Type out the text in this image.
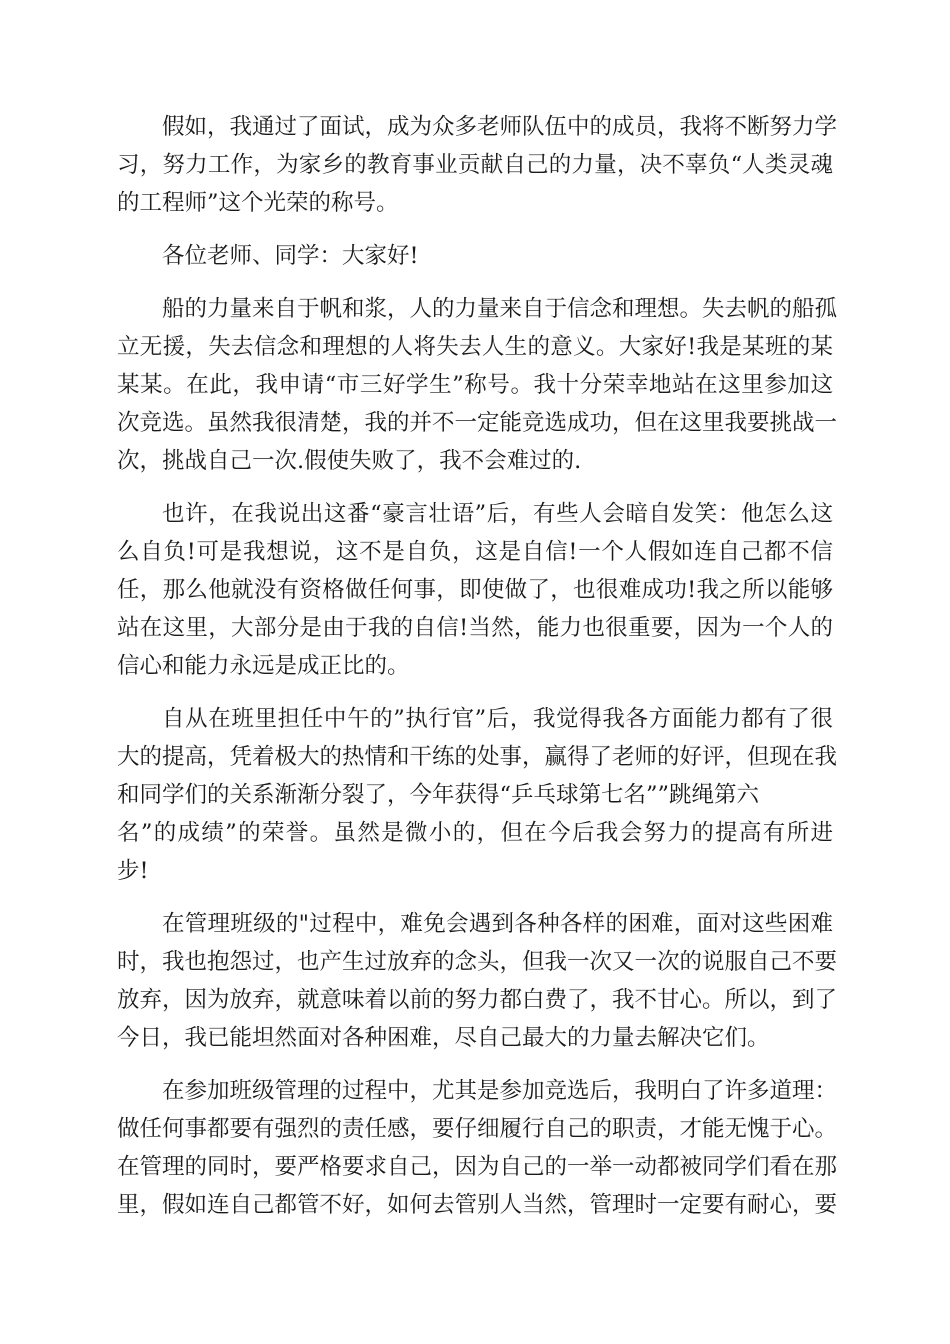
假如，我通过了面试，成为众多老师队伍中的成员，我将不断努力学
习，努力工作，为家乡的教育事业贡献自己的力量，决不辜负“人类灵魂
的工程师”这个光荣的称号。
各位老师、同学：大家好!
船的力量来自于帆和浆，人的力量来自于信念和理想。失去帆的船孤
立无援，失去信念和理想的人将失去人生的意义。大家好!我是某班的某
某某。在此，我申请“市三好学生”称号。我十分荣幸地站在这里参加这
次竞选。虽然我很清楚，我的并不一定能竞选成功，但在这里我要挑战一
次，挑战自己一次.假使失败了，我不会难过的.
也许，在我说出这番“豪言壮语”后，有些人会暗自发笑：他怎么这
么自负!可是我想说，这不是自负，这是自信!一个人假如连自己都不信
任，那么他就没有资格做任何事，即使做了，也很难成功!我之所以能够
站在这里，大部分是由于我的自信!当然，能力也很重要，因为一个人的
信心和能力永远是成正比的。
自从在班里担任中午的”执行官”后，我觉得我各方面能力都有了很
大的提高，凭着极大的热情和干练的处事，赢得了老师的好评，但现在我
和同学们的关系渐渐分裂了，今年获得“乒乓球第七名””跳绳第六
名”的成绩”的荣誉。虽然是微小的，但在今后我会努力的提高有所进
步!
在管理班级的"过程中，难免会遇到各种各样的困难，面对这些困难
时，我也抱怨过，也产生过放弃的念头，但我一次又一次的说服自己不要
放弃，因为放弃，就意味着以前的努力都白费了，我不甘心。所以，到了
今日，我已能坦然面对各种困难，尽自己最大的力量去解决它们。
在参加班级管理的过程中，尤其是参加竞选后，我明白了许多道理：
做任何事都要有强烈的责任感，要仔细履行自己的职责，才能无愧于心。
在管理的同时，要严格要求自己，因为自己的一举一动都被同学们看在那
里，假如连自己都管不好，如何去管别人当然，管理时一定要有耐心，要
